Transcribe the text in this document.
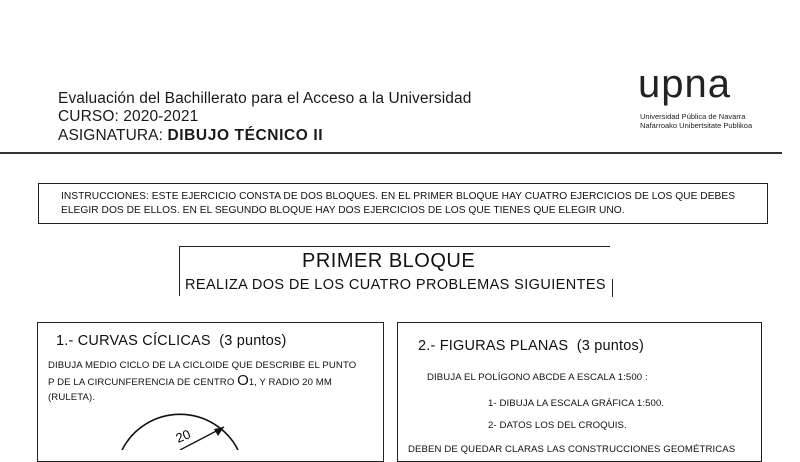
Evaluación del Bachillerato para el Acceso a la Universidad
CURSO: 2020-2021
ASIGNATURA: DIBUJO TÉCNICO II
upna
Universidad Pública de Navarra
Nafarroako Unibertsitate Publikoa
INSTRUCCIONES: ESTE EJERCICIO CONSTA DE DOS BLOQUES. EN EL PRIMER BLOQUE HAY CUATRO EJERCICIOS DE LOS QUE DEBES
ELEGIR DOS DE ELLOS. EN EL SEGUNDO BLOQUE HAY DOS EJERCICIOS DE LOS QUE TIENES QUE ELEGIR UNO.
PRIMER BLOQUE
REALIZA DOS DE LOS CUATRO PROBLEMAS SIGUIENTES
1.- CURVAS CÍCLICAS (3 puntos)
DIBUJA MEDIO CICLO DE LA CICLOIDE QUE DESCRIBE EL PUNTO
P DE LA CIRCUNFERENCIA DE CENTRO O1, Y RADIO 20 MM
(RULETA).
20
2.- FIGURAS PLANAS (3 puntos)
DIBUJA EL POLÍGONO ABCDE A ESCALA 1:500 :
1- DIBUJA LA ESCALA GRÁFICA 1:500.
2- DATOS LOS DEL CROQUIS.
DEBEN DE QUEDAR CLARAS LAS CONSTRUCCIONES GEOMÉTRICAS
